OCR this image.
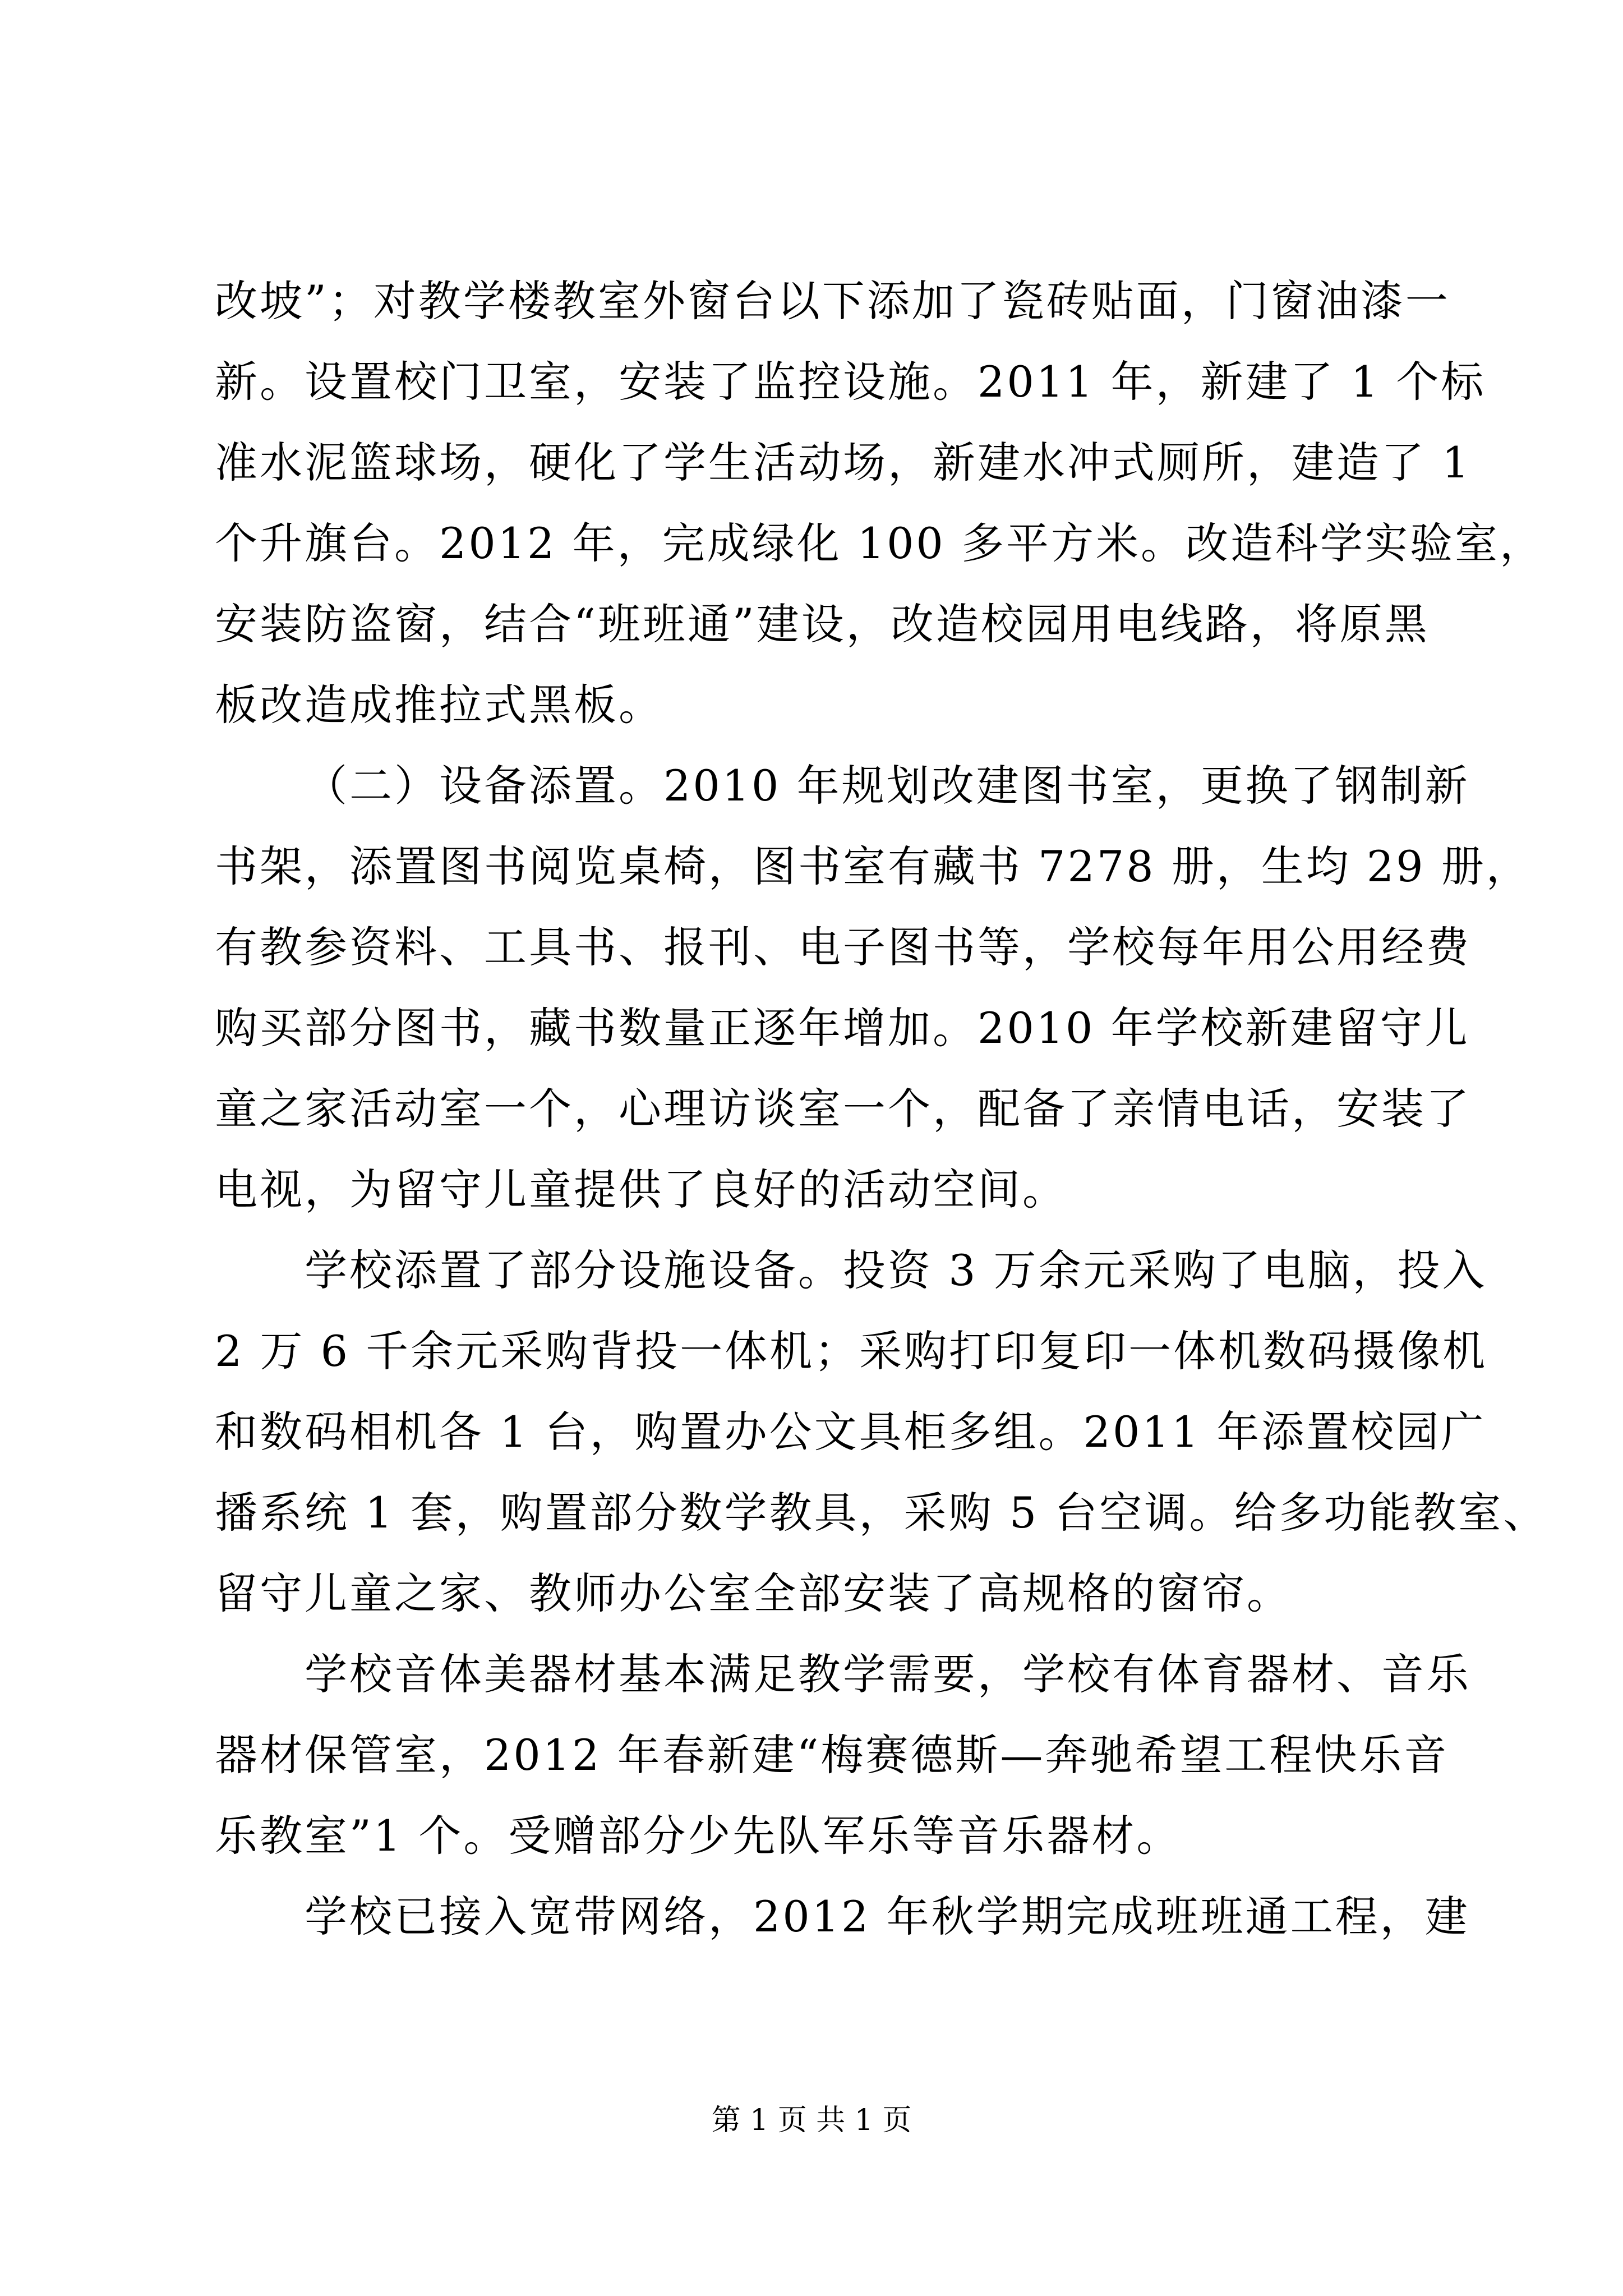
改坡”；对教学楼教室外窗台以下添加了瓷砖贴面，门窗油漆一
新。设置校门卫室，安装了监控设施。2011 年，新建了 1 个标
准水泥篮球场，硬化了学生活动场，新建水冲式厕所，建造了 1
个升旗台。2012 年，完成绿化 100 多平方米。改造科学实验室，
安装防盗窗，结合“班班通”建设，改造校园用电线路，将原黑
板改造成推拉式黑板。
（二）设备添置。2010 年规划改建图书室，更换了钢制新
书架，添置图书阅览桌椅，图书室有藏书 7278 册，生均 29 册，
有教参资料、工具书、报刊、电子图书等，学校每年用公用经费
购买部分图书，藏书数量正逐年增加。2010 年学校新建留守儿
童之家活动室一个，心理访谈室一个，配备了亲情电话，安装了
电视，为留守儿童提供了良好的活动空间。
学校添置了部分设施设备。投资 3 万余元采购了电脑，投入
2 万 6 千余元采购背投一体机；采购打印复印一体机数码摄像机
和数码相机各 1 台，购置办公文具柜多组。2011 年添置校园广
播系统 1 套，购置部分数学教具，采购 5 台空调。给多功能教室、
留守儿童之家、教师办公室全部安装了高规格的窗帘。
学校音体美器材基本满足教学需要，学校有体育器材、音乐
器材保管室，2012 年春新建“梅赛德斯—奔驰希望工程快乐音
乐教室”1 个。受赠部分少先队军乐等音乐器材。
学校已接入宽带网络，2012 年秋学期完成班班通工程，建
第 1 页 共 1 页
